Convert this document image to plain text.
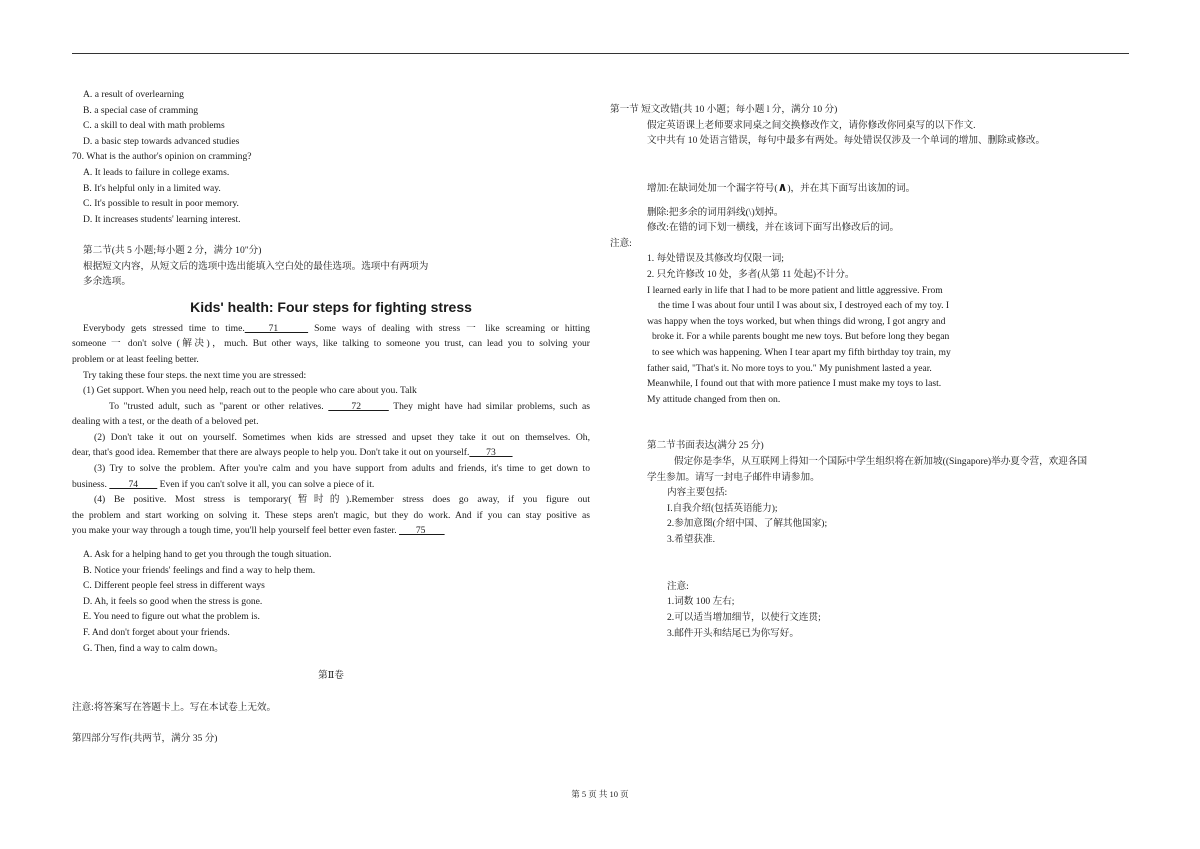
A. a result of overlearning
B. a special case of cramming
C. a skill to deal with math problems
D. a basic step towards advanced studies
70. What is the author's opinion on cramming?
A. It leads to failure in college exams.
B. It's helpful only in a limited way.
C. It's possible to result in poor memory.
D. It increases students' learning interest.
第二节(共 5 小题;每小题 2 分，满分 10"分)
根据短文内容，从短文后的选项中选出能填入空白处的最佳选项。选项中有两项为
多余选项。
Kids' health: Four steps for fighting stress
Everybody gets stressed time to time.    71      Some ways of dealing with stress 一 like screaming or hitting
someone 一 don't solve (解决)，much. But other ways, like talking to someone you trust, can lead you to solving your
problem or at least feeling better.
Try taking these four steps. the next time you are stressed:
(1) Get support. When you need help, reach out to the people who care about you. Talk
To "trusted adult, such as "parent or other relatives.      72       They might have had similar problems, such as
dealing with a test, or the death of a beloved pet.
(2) Don't take it out on yourself. Sometimes when kids are stressed and upset they take it out on themselves. Oh,
dear, that's good idea. Remember that there are always people to help you. Don't take it out on yourself.       73
(3) Try to solve the problem. After you're calm and you have support from adults and friends, it's time to get down to
business.         74         Even if you can't solve it all, you can solve a piece of it.
(4) Be positive. Most stress is temporary(暂时的).Remember stress does go away, if you figure out
the problem and start working on solving it. These steps aren't magic, but they do work. And if you can stay positive as
you make your way through a tough time, you'll help yourself feel better even faster.        75
A. Ask for a helping hand to get you through the tough situation.
B. Notice your friends' feelings and find a way to help them.
C. Different people feel stress in different ways
D. Ah, it feels so good when the stress is gone.
E. You need to figure out what the problem is.
F. And don't forget about your friends.
G. Then, find a way to calm down。
第Ⅱ卷
注意:将答案写在答题卡上。写在本试卷上无效。
第四部分写作(共两节，满分 35 分)
第一节 短文改错(共 10 小题；每小题 l 分，满分 10 分)
假定英语课上老师要求同桌之间交换修改作文，请你修改你同桌写的以下作文.
文中共有 10 处语言错误，每句中最多有两处。每处错误仅涉及一个单词的增加、删除或修改。
增加:在缺词处加一个漏字符号(∧)，并在其下面写出该加的词。
删除:把多余的词用斜线(\)划掉。
修改:在错的词下划一横线，并在该词下面写出修改后的词。
注意:
1. 每处错误及其修改均仅限一词;
2. 只允许修改 10 处，多者(从第 11 处起)不计分。
I learned early in life that I had to be more patient and little aggressive. From
the time I was about four until I was about six, I destroyed each of my toy. I
was happy when the toys worked, but when things did wrong, I got angry and
broke it. For a while parents bought me new toys. But before long they began
to see which was happening. When I tear apart my fifth birthday toy train, my
father said, "That's it. No more toys to you." My punishment lasted a year.
Meanwhile, I found out that with more patience I must make my toys to last.
My attitude changed from then on.
第二节书面表达(满分 25 分)
假定你是李华，从互联网上得知一个国际中学生组织将在新加坡((Singapore)举办夏令营，欢迎各国
学生参加。请写一封电子邮件申请参加。
内容主要包括:
I.自我介绍(包括英语能力);
2.参加意图(介绍中国、了解其他国家);
3.希望获准.
注意:
1.词数 100 左右;
2.可以适当增加细节，以使行文连贯;
3.邮件开头和结尾已为你写好。
第 5 页 共 10 页
